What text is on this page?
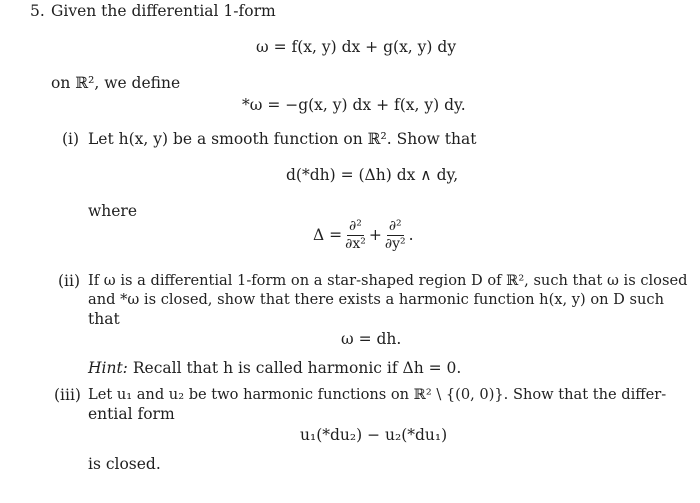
5. Given the differential 1-form
ω = f(x, y) dx + g(x, y) dy
on ℝ², we define
*ω = −g(x, y) dx + f(x, y) dy.
(i) Let h(x, y) be a smooth function on ℝ². Show that
d(*dh) = (Δh) dx ∧ dy,
where
$\Delta = \frac{\text{∂²}}{\text{∂x²}} + \frac{\text{∂²}}{\text{∂y²}}$ .
(ii) If ω is a differential 1-form on a star-shaped region D of ℝ², such that ω is closed
and *ω is closed, show that there exists a harmonic function h(x, y) on D such
that
ω = dh.
Hint: Recall that h is called harmonic if Δh = 0.
(iii) Let u₁ and u₂ be two harmonic functions on ℝ² \ {(0, 0)}. Show that the differ-
ential form
u₁(*du₂) − u₂(*du₁)
is closed.
